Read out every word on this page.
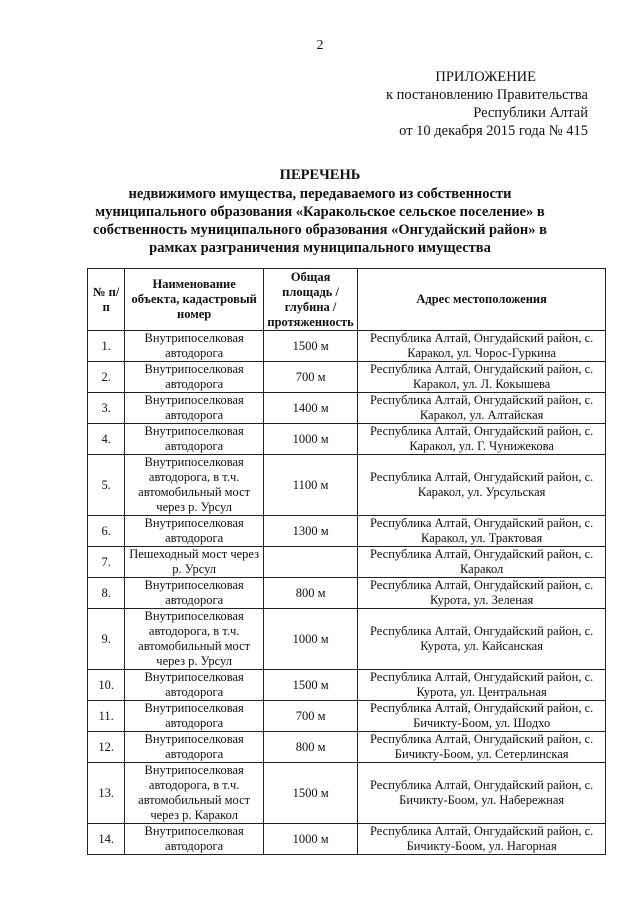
2
ПРИЛОЖЕНИЕ
к постановлению Правительства
Республики Алтай
от 10 декабря 2015 года № 415
ПЕРЕЧЕНЬ
недвижимого имущества, передаваемого из собственности
муниципального образования «Каракольское сельское поселение» в
собственность муниципального образования «Онгудайский район» в
рамках разграничения муниципального имущества
№ п/п	Наименование объекта, кадастровый номер	Общая площадь / глубина / протяженность	Адрес местоположения
1.	Внутрипоселковая автодорога	1500 м	Республика Алтай, Онгудайский район, с. Каракол, ул. Чорос-Гуркина
2.	Внутрипоселковая автодорога	700 м	Республика Алтай, Онгудайский район, с. Каракол, ул. Л. Кокышева
3.	Внутрипоселковая автодорога	1400 м	Республика Алтай, Онгудайский район, с. Каракол, ул. Алтайская
4.	Внутрипоселковая автодорога	1000 м	Республика Алтай, Онгудайский район, с. Каракол, ул. Г. Чунижекова
5.	Внутрипоселковая автодорога, в т.ч. автомобильный мост через р. Урсул	1100 м	Республика Алтай, Онгудайский район, с. Каракол, ул. Урсульская
6.	Внутрипоселковая автодорога	1300 м	Республика Алтай, Онгудайский район, с. Каракол, ул. Трактовая
7.	Пешеходный мост через р. Урсул		Республика Алтай, Онгудайский район, с. Каракол
8.	Внутрипоселковая автодорога	800 м	Республика Алтай, Онгудайский район, с. Курота, ул. Зеленая
9.	Внутрипоселковая автодорога, в т.ч. автомобильный мост через р. Урсул	1000 м	Республика Алтай, Онгудайский район, с. Курота, ул. Кайсанская
10.	Внутрипоселковая автодорога	1500 м	Республика Алтай, Онгудайский район, с. Курота, ул. Центральная
11.	Внутрипоселковая автодорога	700 м	Республика Алтай, Онгудайский район, с. Бичикту-Боом, ул. Шодхо
12.	Внутрипоселковая автодорога	800 м	Республика Алтай, Онгудайский район, с. Бичикту-Боом, ул. Сетерлинская
13.	Внутрипоселковая автодорога, в т.ч. автомобильный мост через р. Каракол	1500 м	Республика Алтай, Онгудайский район, с. Бичикту-Боом, ул. Набережная
14.	Внутрипоселковая автодорога	1000 м	Республика Алтай, Онгудайский район, с. Бичикту-Боом, ул. Нагорная
